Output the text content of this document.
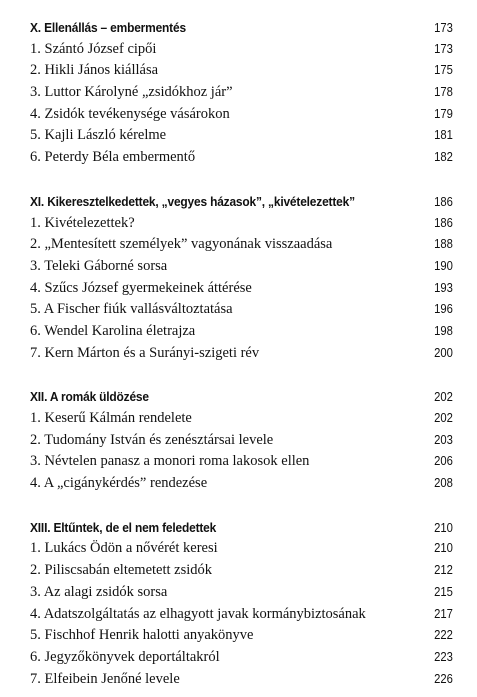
X. Ellenállás – embermentés	173
1. Szántó József cipői	173
2. Hikli János kiállása	175
3. Luttor Károlyné „zsidókhoz jár”	178
4. Zsidók tevékenysége vásárokon	179
5. Kajli László kérelme	181
6. Peterdy Béla embermentő	182
XI. Kikeresztelkedettek, „vegyes házasok”, „kivételezettek”	186
1. Kivételezettek?	186
2. „Mentesített személyek” vagyonának visszaadása	188
3. Teleki Gáborné sorsa	190
4. Szűcs József gyermekeinek áttérése	193
5. A Fischer fiúk vallásváltoztatása	196
6. Wendel Karolina életrajza	198
7. Kern Márton és a Surányi-szigeti rév	200
XII. A romák üldözése	202
1. Keserű Kálmán rendelete	202
2. Tudomány István és zenésztársai levele	203
3. Névtelen panasz a monori roma lakosok ellen	206
4. A „cigánykérdés” rendezése	208
XIII. Eltűntek, de el nem feledettek	210
1. Lukács Ödön a nővérét keresi	210
2. Piliscsabán eltemetett zsidók	212
3. Az alagi zsidók sorsa	215
4. Adatszolgáltatás az elhagyott javak kormánybiztosának	217
5. Fischhof Henrik halotti anyakönyve	222
6. Jegyzőkönyvek deportáltakról	223
7. Elfeibein Jenőné levele	226
